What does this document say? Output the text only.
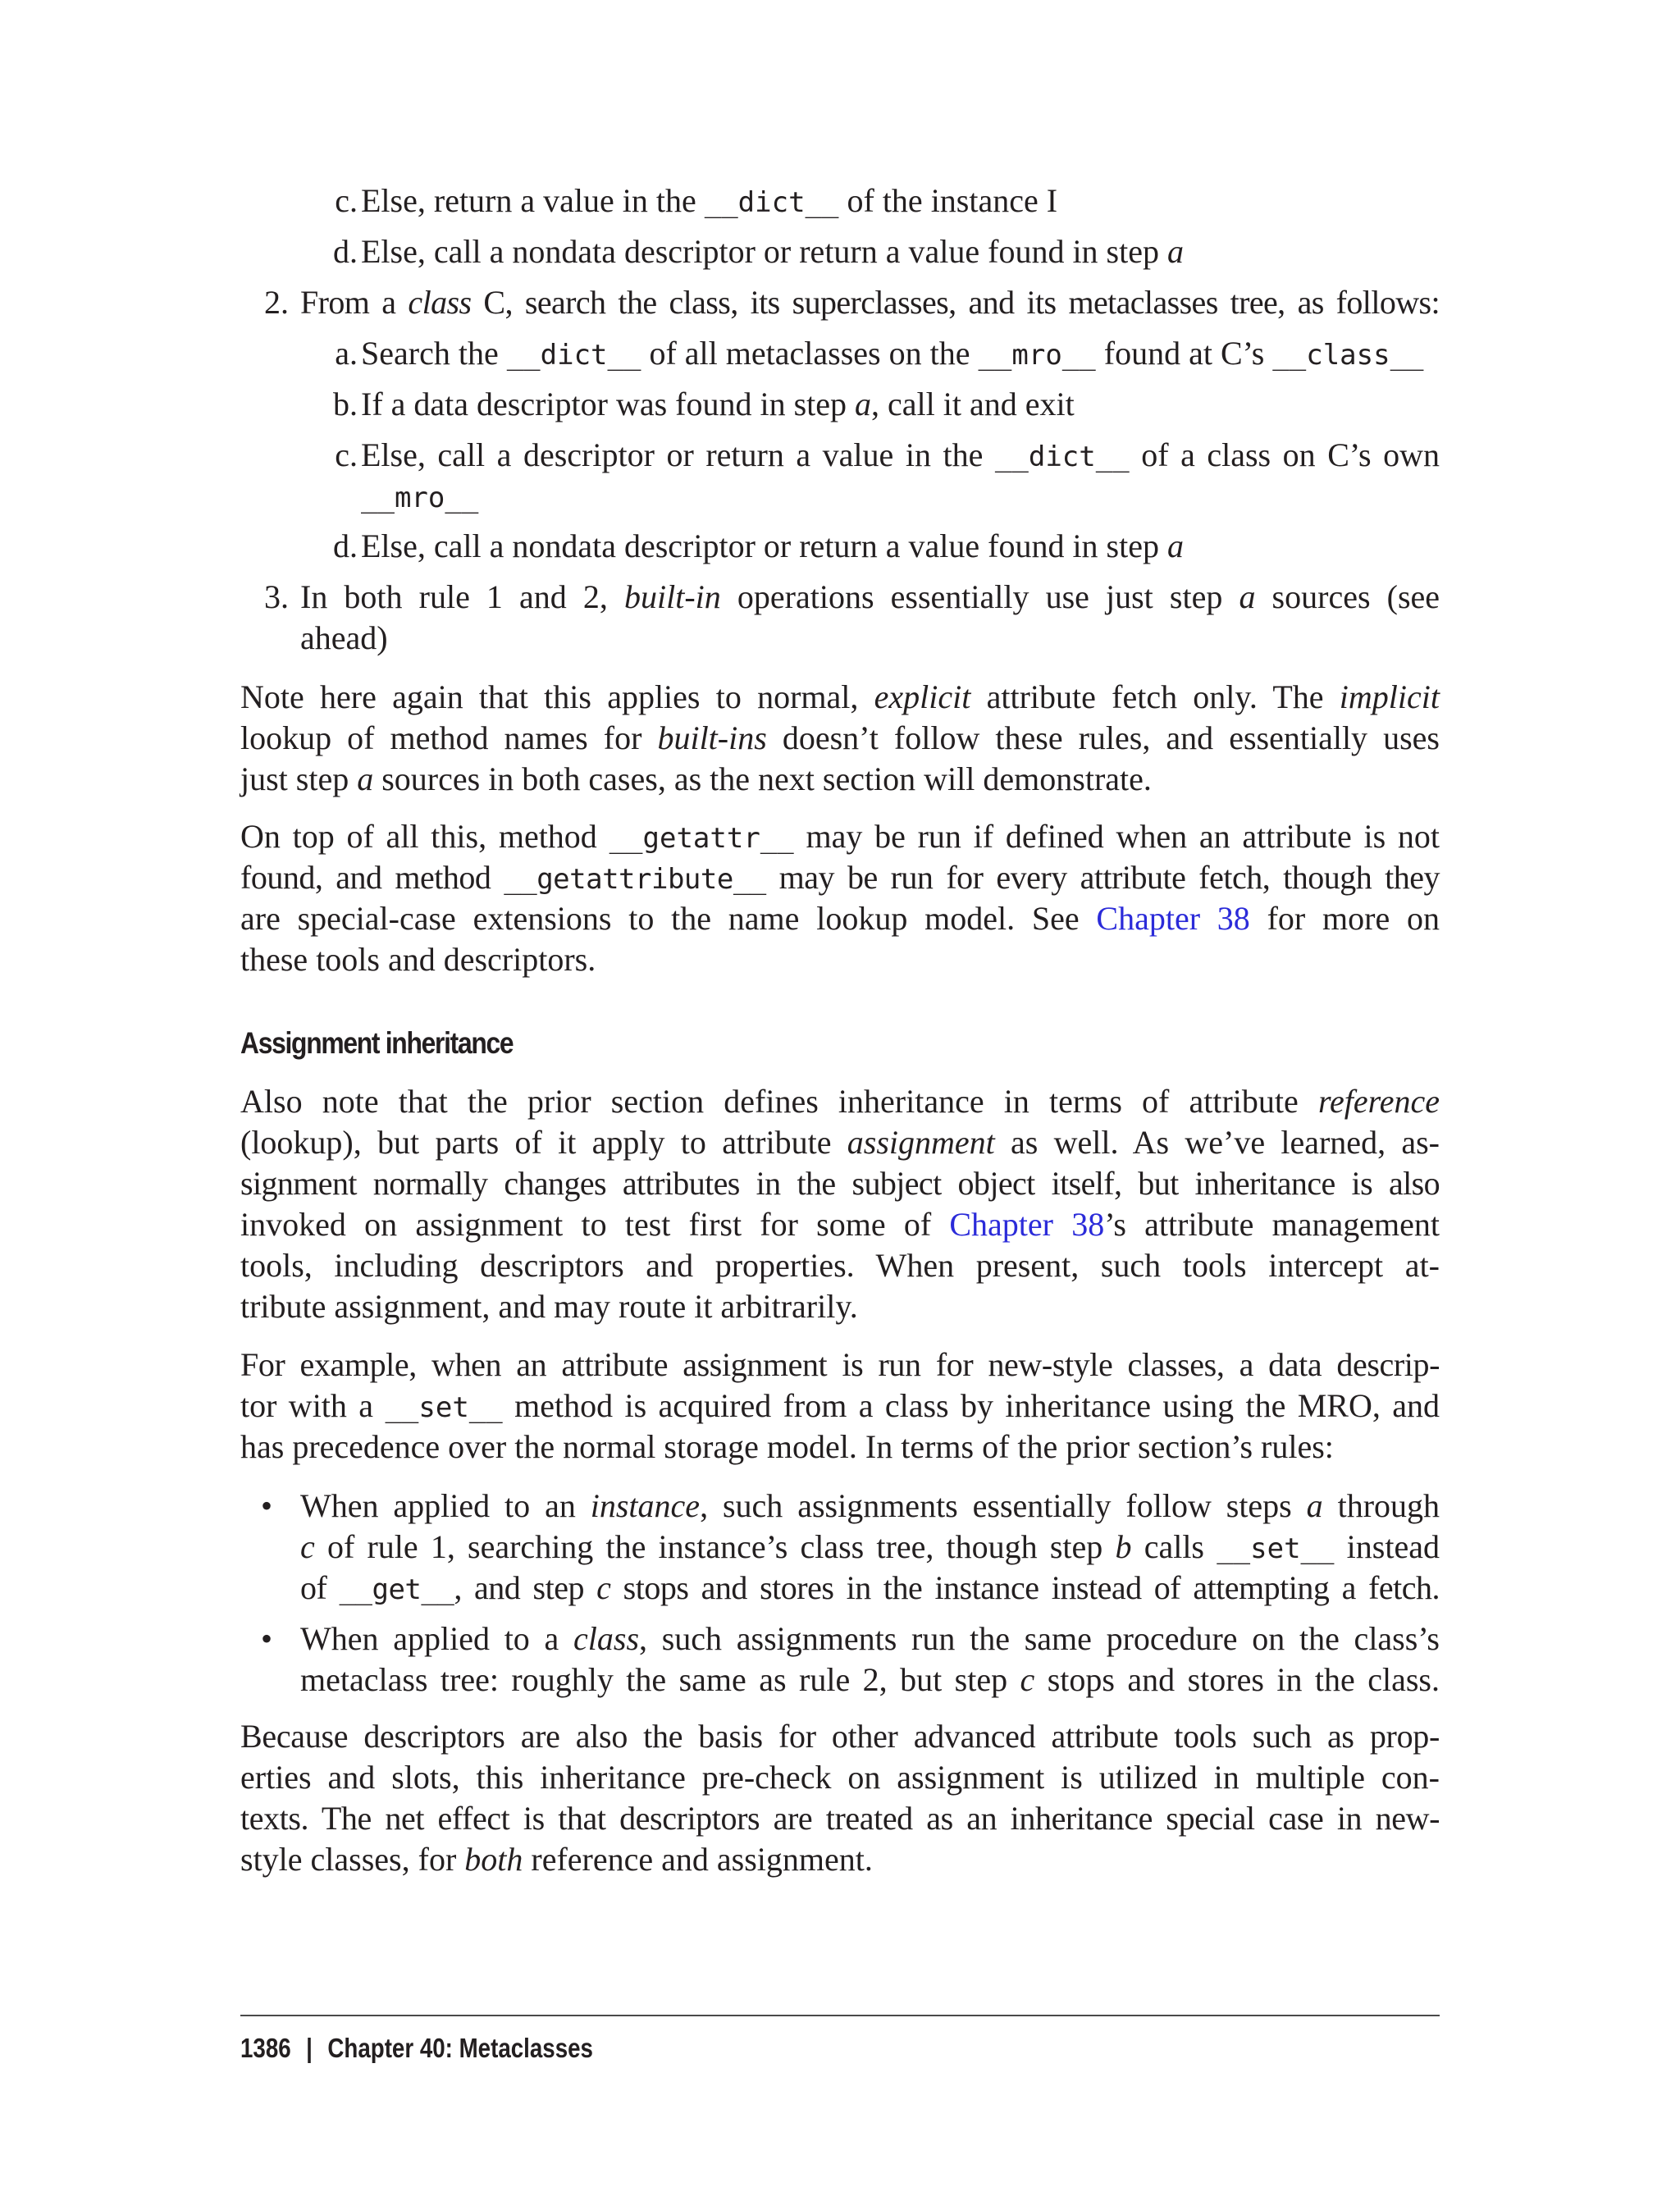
c. Else, return a value in the __dict__ of the instance I
d. Else, call a nondata descriptor or return a value found in step a
2. From a class C, search the class, its superclasses, and its metaclasses tree, as follows:
a. Search the __dict__ of all metaclasses on the __mro__ found at C’s __class__
b. If a data descriptor was found in step a, call it and exit
c. Else, call a descriptor or return a value in the __dict__ of a class on C’s own
__mro__
d. Else, call a nondata descriptor or return a value found in step a
3. In both rule 1 and 2, built-in operations essentially use just step a sources (see
ahead)
Note here again that this applies to normal, explicit attribute fetch only. The implicit
lookup of method names for built-ins doesn’t follow these rules, and essentially uses
just step a sources in both cases, as the next section will demonstrate.
On top of all this, method __getattr__ may be run if defined when an attribute is not
found, and method __getattribute__ may be run for every attribute fetch, though they
are special-case extensions to the name lookup model. See Chapter 38 for more on
these tools and descriptors.
Assignment inheritance
Also note that the prior section defines inheritance in terms of attribute reference
(lookup), but parts of it apply to attribute assignment as well. As we’ve learned, as-
signment normally changes attributes in the subject object itself, but inheritance is also
invoked on assignment to test first for some of Chapter 38’s attribute management
tools, including descriptors and properties. When present, such tools intercept at-
tribute assignment, and may route it arbitrarily.
For example, when an attribute assignment is run for new-style classes, a data descrip-
tor with a __set__ method is acquired from a class by inheritance using the MRO, and
has precedence over the normal storage model. In terms of the prior section’s rules:
• When applied to an instance, such assignments essentially follow steps a through
c of rule 1, searching the instance’s class tree, though step b calls __set__ instead
of __get__, and step c stops and stores in the instance instead of attempting a fetch.
• When applied to a class, such assignments run the same procedure on the class’s
metaclass tree: roughly the same as rule 2, but step c stops and stores in the class.
Because descriptors are also the basis for other advanced attribute tools such as prop-
erties and slots, this inheritance pre-check on assignment is utilized in multiple con-
texts. The net effect is that descriptors are treated as an inheritance special case in new-
style classes, for both reference and assignment.
1386 | Chapter 40: Metaclasses
